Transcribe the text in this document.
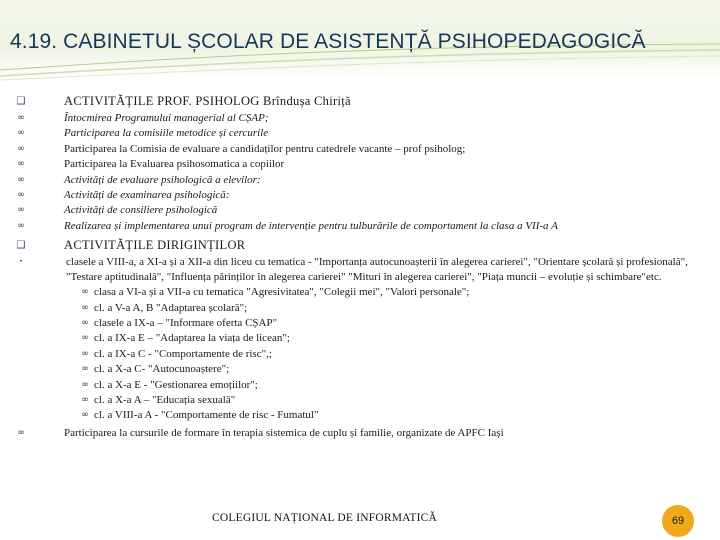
4.19. CABINETUL ȘCOLAR DE ASISTENȚĂ PSIHOPEDAGOGICĂ
❑	ACTIVITĂȚILE PROF. PSIHOLOG Brîndușa Chiriță
∞	Întocmirea Programului managerial al CȘAP;
∞	Participarea la comisiile metodice și cercurile
∞	Participarea la Comisia de evaluare a candidaților pentru catedrele vacante – prof psiholog;
∞	Participarea la Evaluarea psihosomatica a copiilor
∞	Activități de evaluare psihologică a elevilor:
∞	Activități de examinarea psihologică:
∞	Activități de consiliere psihologică
∞	Realizarea și implementarea unui program de intervenție pentru tulburările de comportament la clasa a VII-a A
❑	ACTIVITĂȚILE DIRIGINȚILOR
•	clasele a VIII-a, a XI-a și a XII-a din liceu cu tematica - "Importanța autocunoașterii în alegerea carierei", "Orientare școlară și profesională", "Testare aptitudinală", "Influența părinților în alegerea carierei" "Mituri în alegerea carierei", "Piața muncii – evoluție și schimbare"etc.
∞ clasa a VI-a și a VII-a cu tematica "Agresivitatea", "Colegii mei", "Valori personale";
∞ cl. a V-a A, B "Adaptarea școlară";
∞ clasele a IX-a – "Informare oferta CȘAP"
∞ cl. a IX-a E – "Adaptarea la viața de licean";
∞ cl. a IX-a C - "Comportamente de risc",;
∞ cl. a X-a C- "Autocunoaștere";
∞ cl. a X-a E - "Gestionarea emoțiilor";
∞ cl. a X-a A – "Educația sexuală"
∞ cl. a VIII-a A - "Comportamente de risc - Fumatul"
∞	Participarea la cursurile de formare în terapia sistemica de cuplu și familie, organizate de APFC Iași
COLEGIUL NAȚIONAL DE INFORMATICĂ	69
